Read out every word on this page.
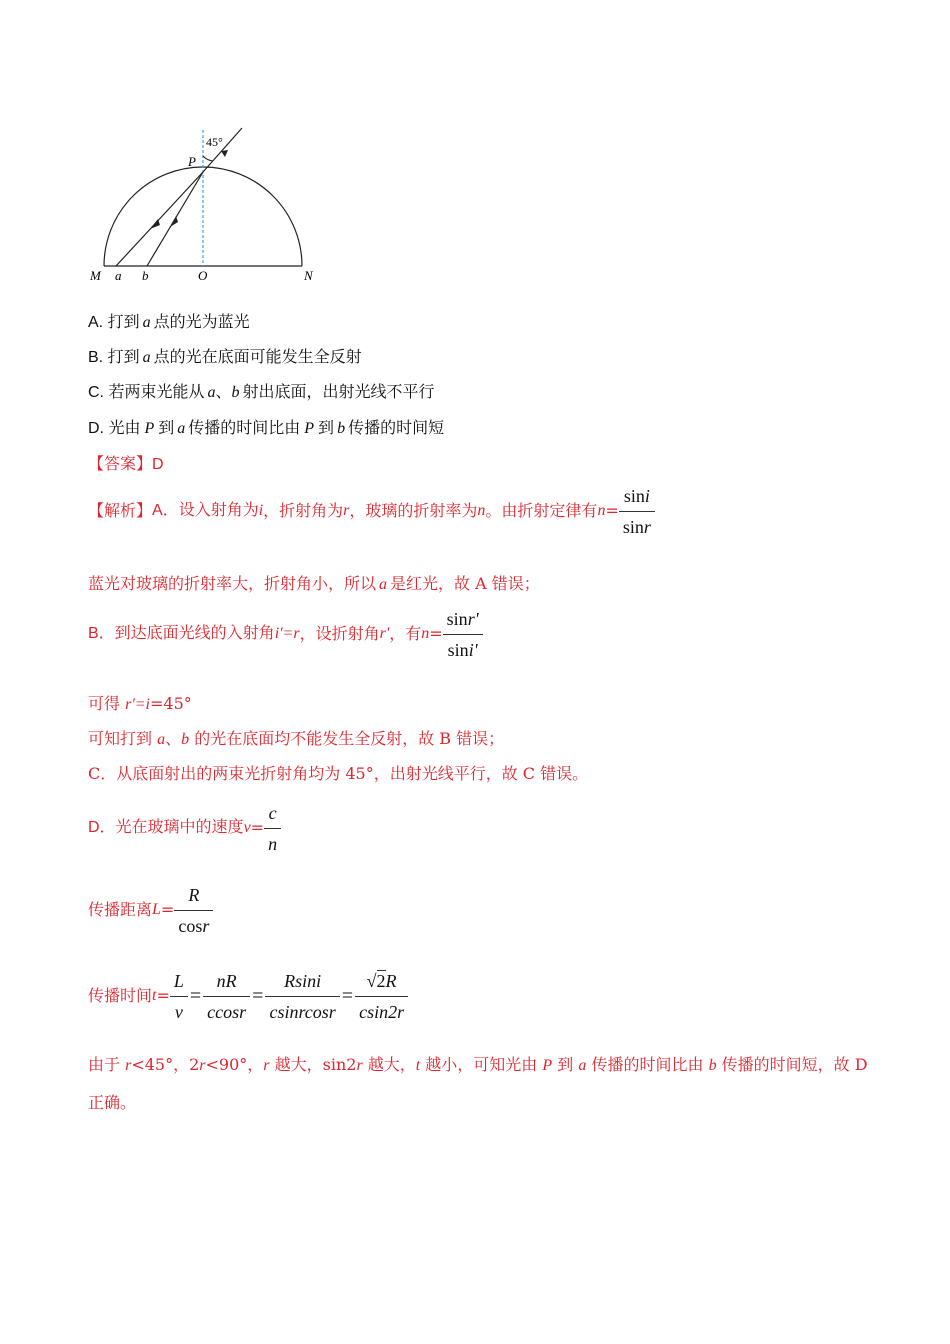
45°
P
M a b	O	N
A. 打到 a 点的光为蓝光
B. 打到 a 点的光在底面可能发生全反射
C. 若两束光能从 a、b 射出底面，出射光线不平行
D. 光由 P 到 a 传播的时间比由 P 到 b 传播的时间短
【答案】D
【解析】 A．设入射角为 i ，折射角为 r ，玻璃的折射率为 n 。由折射定律有 $n = \frac{\sin i}{\sin r}$
蓝光对玻璃的折射率大，折射角小，所以 a 是红光，故 A 错误；
B．到达底面光线的入射角 i'=r ，设折射角 r' ，有 $n = \frac{\sin r'}{\sin i'}$
可得 r'=i=45°
可知打到 a、b 的光在底面均不能发生全反射，故 B 错误；
C．从底面射出的两束光折射角均为 45°，出射光线平行，故 C 错误。
D．光在玻璃中的速度 $v = \frac{c}{n}$
传播距离 $L = \frac{R}{\cos r}$
传播时间 $t = \frac{L}{v} = \frac{nR}{ccosr} = \frac{Rsini}{\text{csinrcosr}} = \frac{√2R}{csin2r}$
由于 r<45°，2r<90°，r 越大，sin2r 越大，t 越小，可知光由 P 到 a 传播的时间比由 b 传播的时间短，故 D
正确。
